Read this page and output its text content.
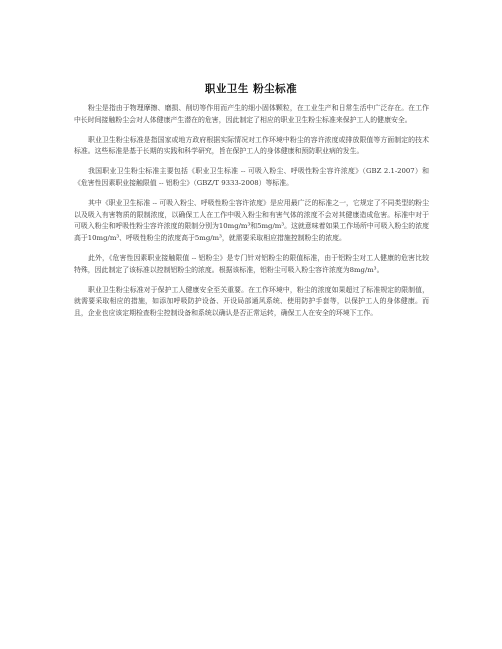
职业卫生 粉尘标准

粉尘是指由于物理摩擦、磨损、削切等作用而产生的细小固体颗粒，在工业生产和日常生活中广泛存在。在工作中长时间接触粉尘会对人体健康产生潜在的危害，因此制定了相应的职业卫生粉尘标准来保护工人的健康安全。

职业卫生粉尘标准是指国家或地方政府根据实际情况对工作环境中粉尘的容许浓度或排放限值等方面制定的技术标准。这些标准是基于长期的实践和科学研究，旨在保护工人的身体健康和预防职业病的发生。

我国职业卫生粉尘标准主要包括《职业卫生标准 -- 可吸入粉尘、呼吸性粉尘容许浓度》（GBZ 2.1-2007）和《危害性因素职业接触限值 -- 铝粉尘》（GBZ/T 9333-2008）等标准。

其中《职业卫生标准 -- 可吸入粉尘、呼吸性粉尘容许浓度》是应用最广泛的标准之一，它规定了不同类型的粉尘以及吸入有害物质的限制浓度，以确保工人在工作中吸入粉尘和有害气体的浓度不会对其健康造成危害。标准中对于可吸入粉尘和呼吸性粉尘容许浓度的限制分别为10mg/m³和5mg/m³。这就意味着如果工作场所中可吸入粉尘的浓度高于10mg/m³、呼吸性粉尘的浓度高于5mg/m³，就需要采取相应措施控制粉尘的浓度。

此外，《危害性因素职业接触限值 -- 铝粉尘》是专门针对铝粉尘的限值标准，由于铝粉尘对工人健康的危害比较特殊，因此制定了该标准以控制铝粉尘的浓度。根据该标准，铝粉尘可吸入粉尘容许浓度为8mg/m³。

职业卫生粉尘标准对于保护工人健康安全至关重要。在工作环境中，粉尘的浓度如果超过了标准规定的限制值，就需要采取相应的措施，如添加呼吸防护设备、开设局部通风系统、使用防护手套等，以保护工人的身体健康。而且，企业也应该定期检查粉尘控制设备和系统以确认是否正常运转，确保工人在安全的环境下工作。
